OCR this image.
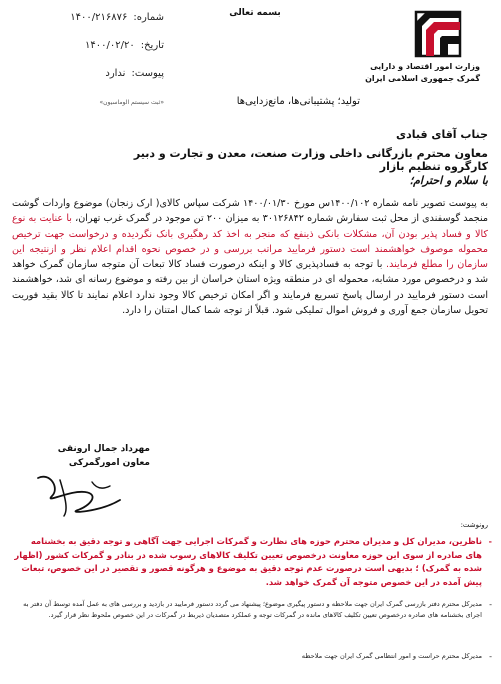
بسمه تعالی
شماره:
۱۴۰۰/۲۱۶۸۷۶
تاریخ:
۱۴۰۰/۰۲/۲۰
پیوست:
ندارد
«ثبت سیستم الوماسیون»
وزارت امور اقتصاد و دارایی
گمرک جمهوری اسلامی ایران
تولید؛ پشتیبانی‌ها، مانع‌زدایی‌ها
جناب آقای قبادی
معاون محترم بازرگانی داخلی وزارت صنعت، معدن و تجارت و دبیر کارگروه تنظیم بازار
با سلام و احترام؛
به پیوست تصویر نامه شماره ۱۴۰۰/۱۰۲س مورخ ۱۴۰۰/۰۱/۳۰ شرکت سپاس کالای( ارک زنجان) موضوع واردات گوشت منجمد گوسفندی از محل ثبت سفارش شماره ۳۰۱۲۶۸۴۲ به میزان ۲۰۰ تن موجود در گمرک غرب تهران، با عنایت به نوع کالا و فساد پذیر بودن آن، مشکلات بانکی ذینفع که منجر به اخذ کد رهگیری بانک نگردیده و درخواست جهت ترخیص محموله موصوف خواهشمند است دستور فرمایید مراتب بررسی و در خصوص نحوه اقدام اعلام نظر و ازنتیجه این سازمان را مطلع فرمایند. با توجه به فسادپذیری کالا و اینکه درصورت فساد کالا تبعات آن متوجه سازمان گمرک خواهد شد و درخصوص مورد مشابه، محموله ای در منطقه ویژه استان خراسان از بین رفته و موضوع رسانه ای شد، خواهشمند است دستور فرمایید در ارسال پاسخ تسریع فرمایند و اگر امکان ترخیص کالا وجود ندارد اعلام نمایند تا کالا بقید فوریت تحویل سازمان جمع آوری و فروش اموال تملیکی شود. قبلاً از توجه شما کمال امتنان را دارد.
مهرداد جمال ارونقی
معاون امورگمرکی
رونوشت:
-
ناظرین، مدیران کل و مدیران محترم حوزه های نظارت و گمرکات اجرایی جهت آگاهی و توجه دقیق به بخشنامه های صادره از سوی این حوزه معاونت درخصوص تعیین تکلیف کالاهای رسوب شده در بنادر و گمرکات کشور (اظهار شده به گمرک) ؛ بدیهی است درصورت عدم توجه دقیق به موضوع و هرگونه قصور و تقصیر در این خصوص، تبعات پیش آمده در این خصوص متوجه آن گمرک خواهد شد.
-
مدیرکل محترم دفتر بازرسی گمرک ایران جهت ملاحظه و دستور پیگیری موضوع؛ پیشنهاد می گردد دستور فرمایید در بازدید و بررسی های به عمل آمده توسط آن دفتر به اجرای بخشنامه های صادره درخصوص تعیین تکلیف کالاهای مانده در گمرکات توجه و عملکرد متصدیان ذیربط در گمرکات در این خصوص ملحوظ نظر قرار گیرد.
-
مدیرکل محترم حراست و امور انتظامی گمرک ایران جهت ملاحظه
